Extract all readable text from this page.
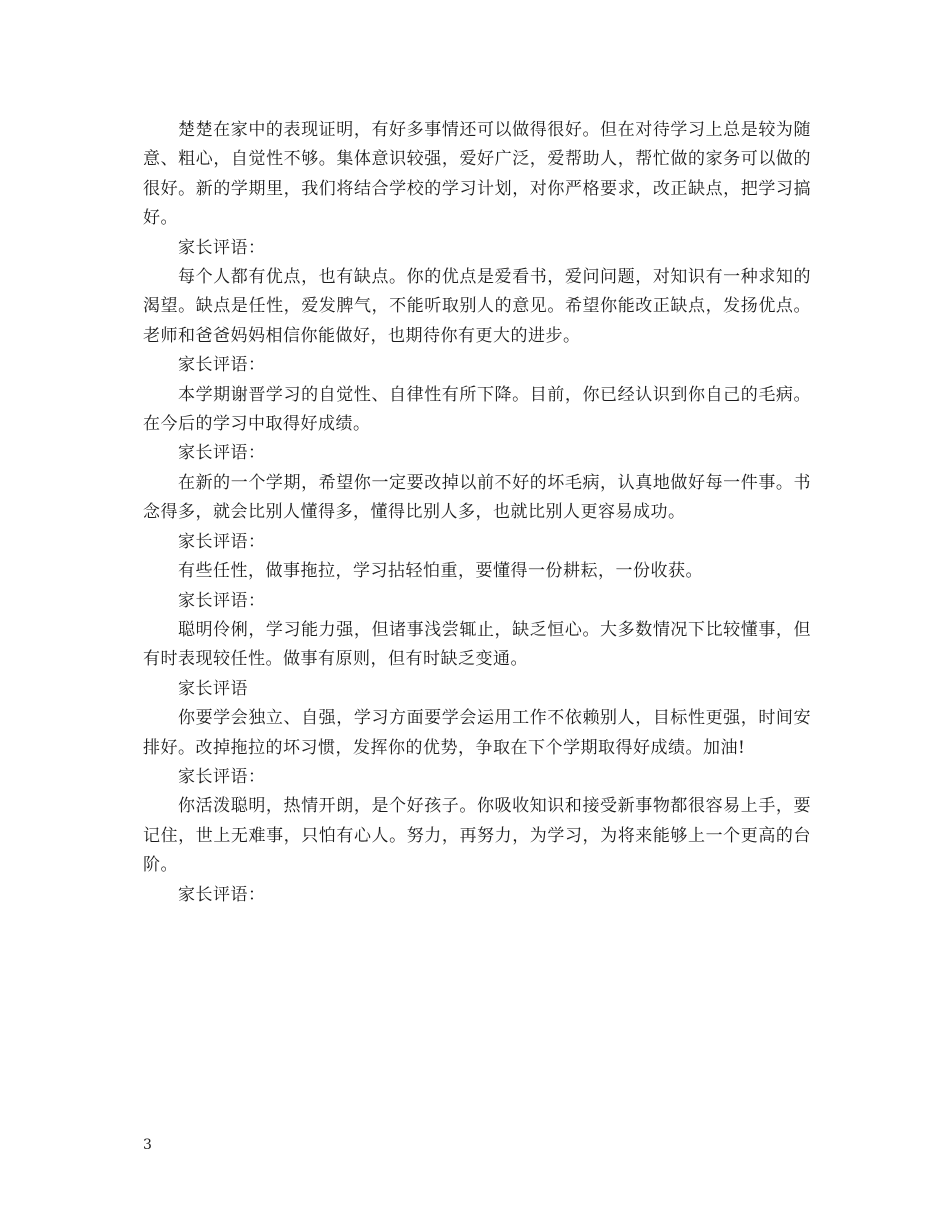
楚楚在家中的表现证明，有好多事情还可以做得很好。但在对待学习上总是较为随意、粗心，自觉性不够。集体意识较强，爱好广泛，爱帮助人，帮忙做的家务可以做的很好。新的学期里，我们将结合学校的学习计划，对你严格要求，改正缺点，把学习搞好。

家长评语：

每个人都有优点，也有缺点。你的优点是爱看书，爱问问题，对知识有一种求知的渴望。缺点是任性，爱发脾气，不能听取别人的意见。希望你能改正缺点，发扬优点。老师和爸爸妈妈相信你能做好，也期待你有更大的进步。

家长评语：

本学期谢晋学习的自觉性、自律性有所下降。目前，你已经认识到你自己的毛病。在今后的学习中取得好成绩。

家长评语：

在新的一个学期，希望你一定要改掉以前不好的坏毛病，认真地做好每一件事。书念得多，就会比别人懂得多，懂得比别人多，也就比别人更容易成功。

家长评语：

有些任性，做事拖拉，学习拈轻怕重，要懂得一份耕耘，一份收获。

家长评语：

聪明伶俐，学习能力强，但诸事浅尝辄止，缺乏恒心。大多数情况下比较懂事，但有时表现较任性。做事有原则，但有时缺乏变通。

家长评语

你要学会独立、自强，学习方面要学会运用工作不依赖别人，目标性更强，时间安排好。改掉拖拉的坏习惯，发挥你的优势，争取在下个学期取得好成绩。加油!

家长评语：

你活泼聪明，热情开朗，是个好孩子。你吸收知识和接受新事物都很容易上手，要记住，世上无难事，只怕有心人。努力，再努力，为学习，为将来能够上一个更高的台阶。

家长评语：

3
